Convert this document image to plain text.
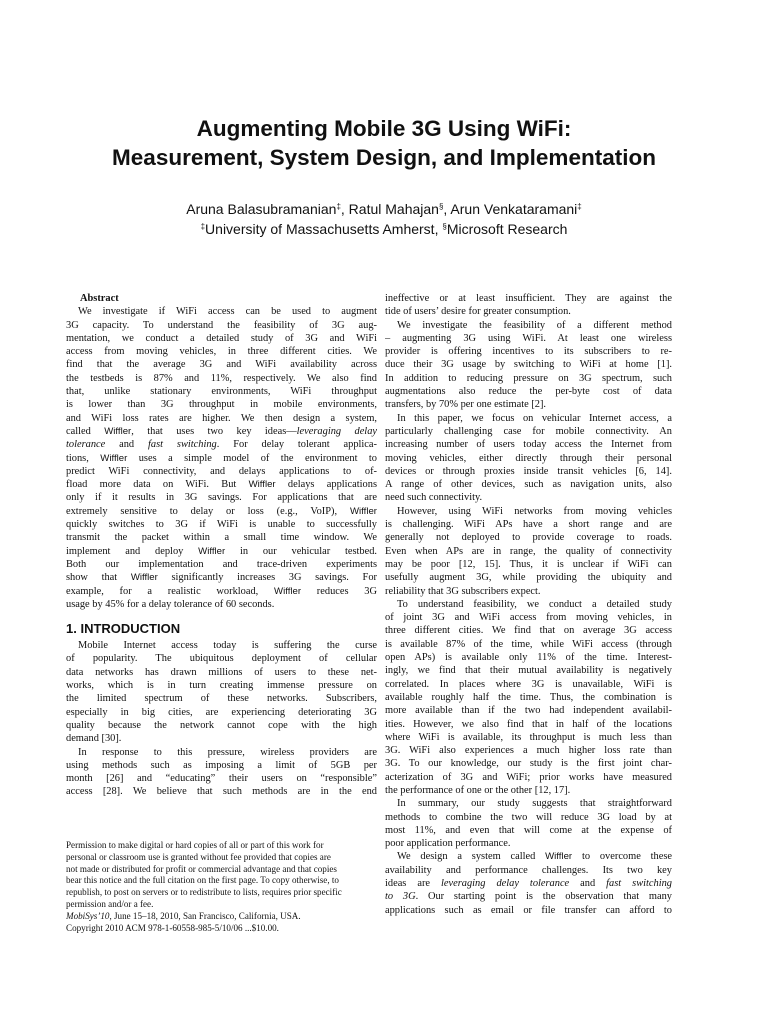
Augmenting Mobile 3G Using WiFi:
Measurement, System Design, and Implementation
Aruna Balasubramanian‡, Ratul Mahajan§, Arun Venkataramani‡
‡University of Massachusetts Amherst, §Microsoft Research
Abstract
We investigate if WiFi access can be used to augment
3G capacity. To understand the feasibility of 3G aug-
mentation, we conduct a detailed study of 3G and WiFi
access from moving vehicles, in three different cities. We
find that the average 3G and WiFi availability across
the testbeds is 87% and 11%, respectively. We also find
that, unlike stationary environments, WiFi throughput
is lower than 3G throughput in mobile environments,
and WiFi loss rates are higher. We then design a system,
called Wiffler, that uses two key ideas—leveraging delay
tolerance and fast switching. For delay tolerant applica-
tions, Wiffler uses a simple model of the environment to
predict WiFi connectivity, and delays applications to of-
fload more data on WiFi. But Wiffler delays applications
only if it results in 3G savings. For applications that are
extremely sensitive to delay or loss (e.g., VoIP), Wiffler
quickly switches to 3G if WiFi is unable to successfully
transmit the packet within a small time window. We
implement and deploy Wiffler in our vehicular testbed.
Both our implementation and trace-driven experiments
show that Wiffler significantly increases 3G savings. For
example, for a realistic workload, Wiffler reduces 3G
usage by 45% for a delay tolerance of 60 seconds.
1. INTRODUCTION
Mobile Internet access today is suffering the curse
of popularity. The ubiquitous deployment of cellular
data networks has drawn millions of users to these net-
works, which is in turn creating immense pressure on
the limited spectrum of these networks. Subscribers,
especially in big cities, are experiencing deteriorating 3G
quality because the network cannot cope with the high
demand [30].
In response to this pressure, wireless providers are
using methods such as imposing a limit of 5GB per
month [26] and “educating” their users on “responsible”
access [28]. We believe that such methods are in the end
Permission to make digital or hard copies of all or part of this work for
personal or classroom use is granted without fee provided that copies are
not made or distributed for profit or commercial advantage and that copies
bear this notice and the full citation on the first page. To copy otherwise, to
republish, to post on servers or to redistribute to lists, requires prior specific
permission and/or a fee.
MobiSys’10, June 15–18, 2010, San Francisco, California, USA.
Copyright 2010 ACM 978-1-60558-985-5/10/06 ...$10.00.
ineffective or at least insufficient. They are against the
tide of users’ desire for greater consumption.
We investigate the feasibility of a different method
– augmenting 3G using WiFi. At least one wireless
provider is offering incentives to its subscribers to re-
duce their 3G usage by switching to WiFi at home [1].
In addition to reducing pressure on 3G spectrum, such
augmentations also reduce the per-byte cost of data
transfers, by 70% per one estimate [2].
In this paper, we focus on vehicular Internet access, a
particularly challenging case for mobile connectivity. An
increasing number of users today access the Internet from
moving vehicles, either directly through their personal
devices or through proxies inside transit vehicles [6, 14].
A range of other devices, such as navigation units, also
need such connectivity.
However, using WiFi networks from moving vehicles
is challenging. WiFi APs have a short range and are
generally not deployed to provide coverage to roads.
Even when APs are in range, the quality of connectivity
may be poor [12, 15]. Thus, it is unclear if WiFi can
usefully augment 3G, while providing the ubiquity and
reliability that 3G subscribers expect.
To understand feasibility, we conduct a detailed study
of joint 3G and WiFi access from moving vehicles, in
three different cities. We find that on average 3G access
is available 87% of the time, while WiFi access (through
open APs) is available only 11% of the time. Interest-
ingly, we find that their mutual availability is negatively
correlated. In places where 3G is unavailable, WiFi is
available roughly half the time. Thus, the combination is
more available than if the two had independent availabil-
ities. However, we also find that in half of the locations
where WiFi is available, its throughput is much less than
3G. WiFi also experiences a much higher loss rate than
3G. To our knowledge, our study is the first joint char-
acterization of 3G and WiFi; prior works have measured
the performance of one or the other [12, 17].
In summary, our study suggests that straightforward
methods to combine the two will reduce 3G load by at
most 11%, and even that will come at the expense of
poor application performance.
We design a system called Wiffler to overcome these
availability and performance challenges. Its two key
ideas are leveraging delay tolerance and fast switching
to 3G. Our starting point is the observation that many
applications such as email or file transfer can afford to
